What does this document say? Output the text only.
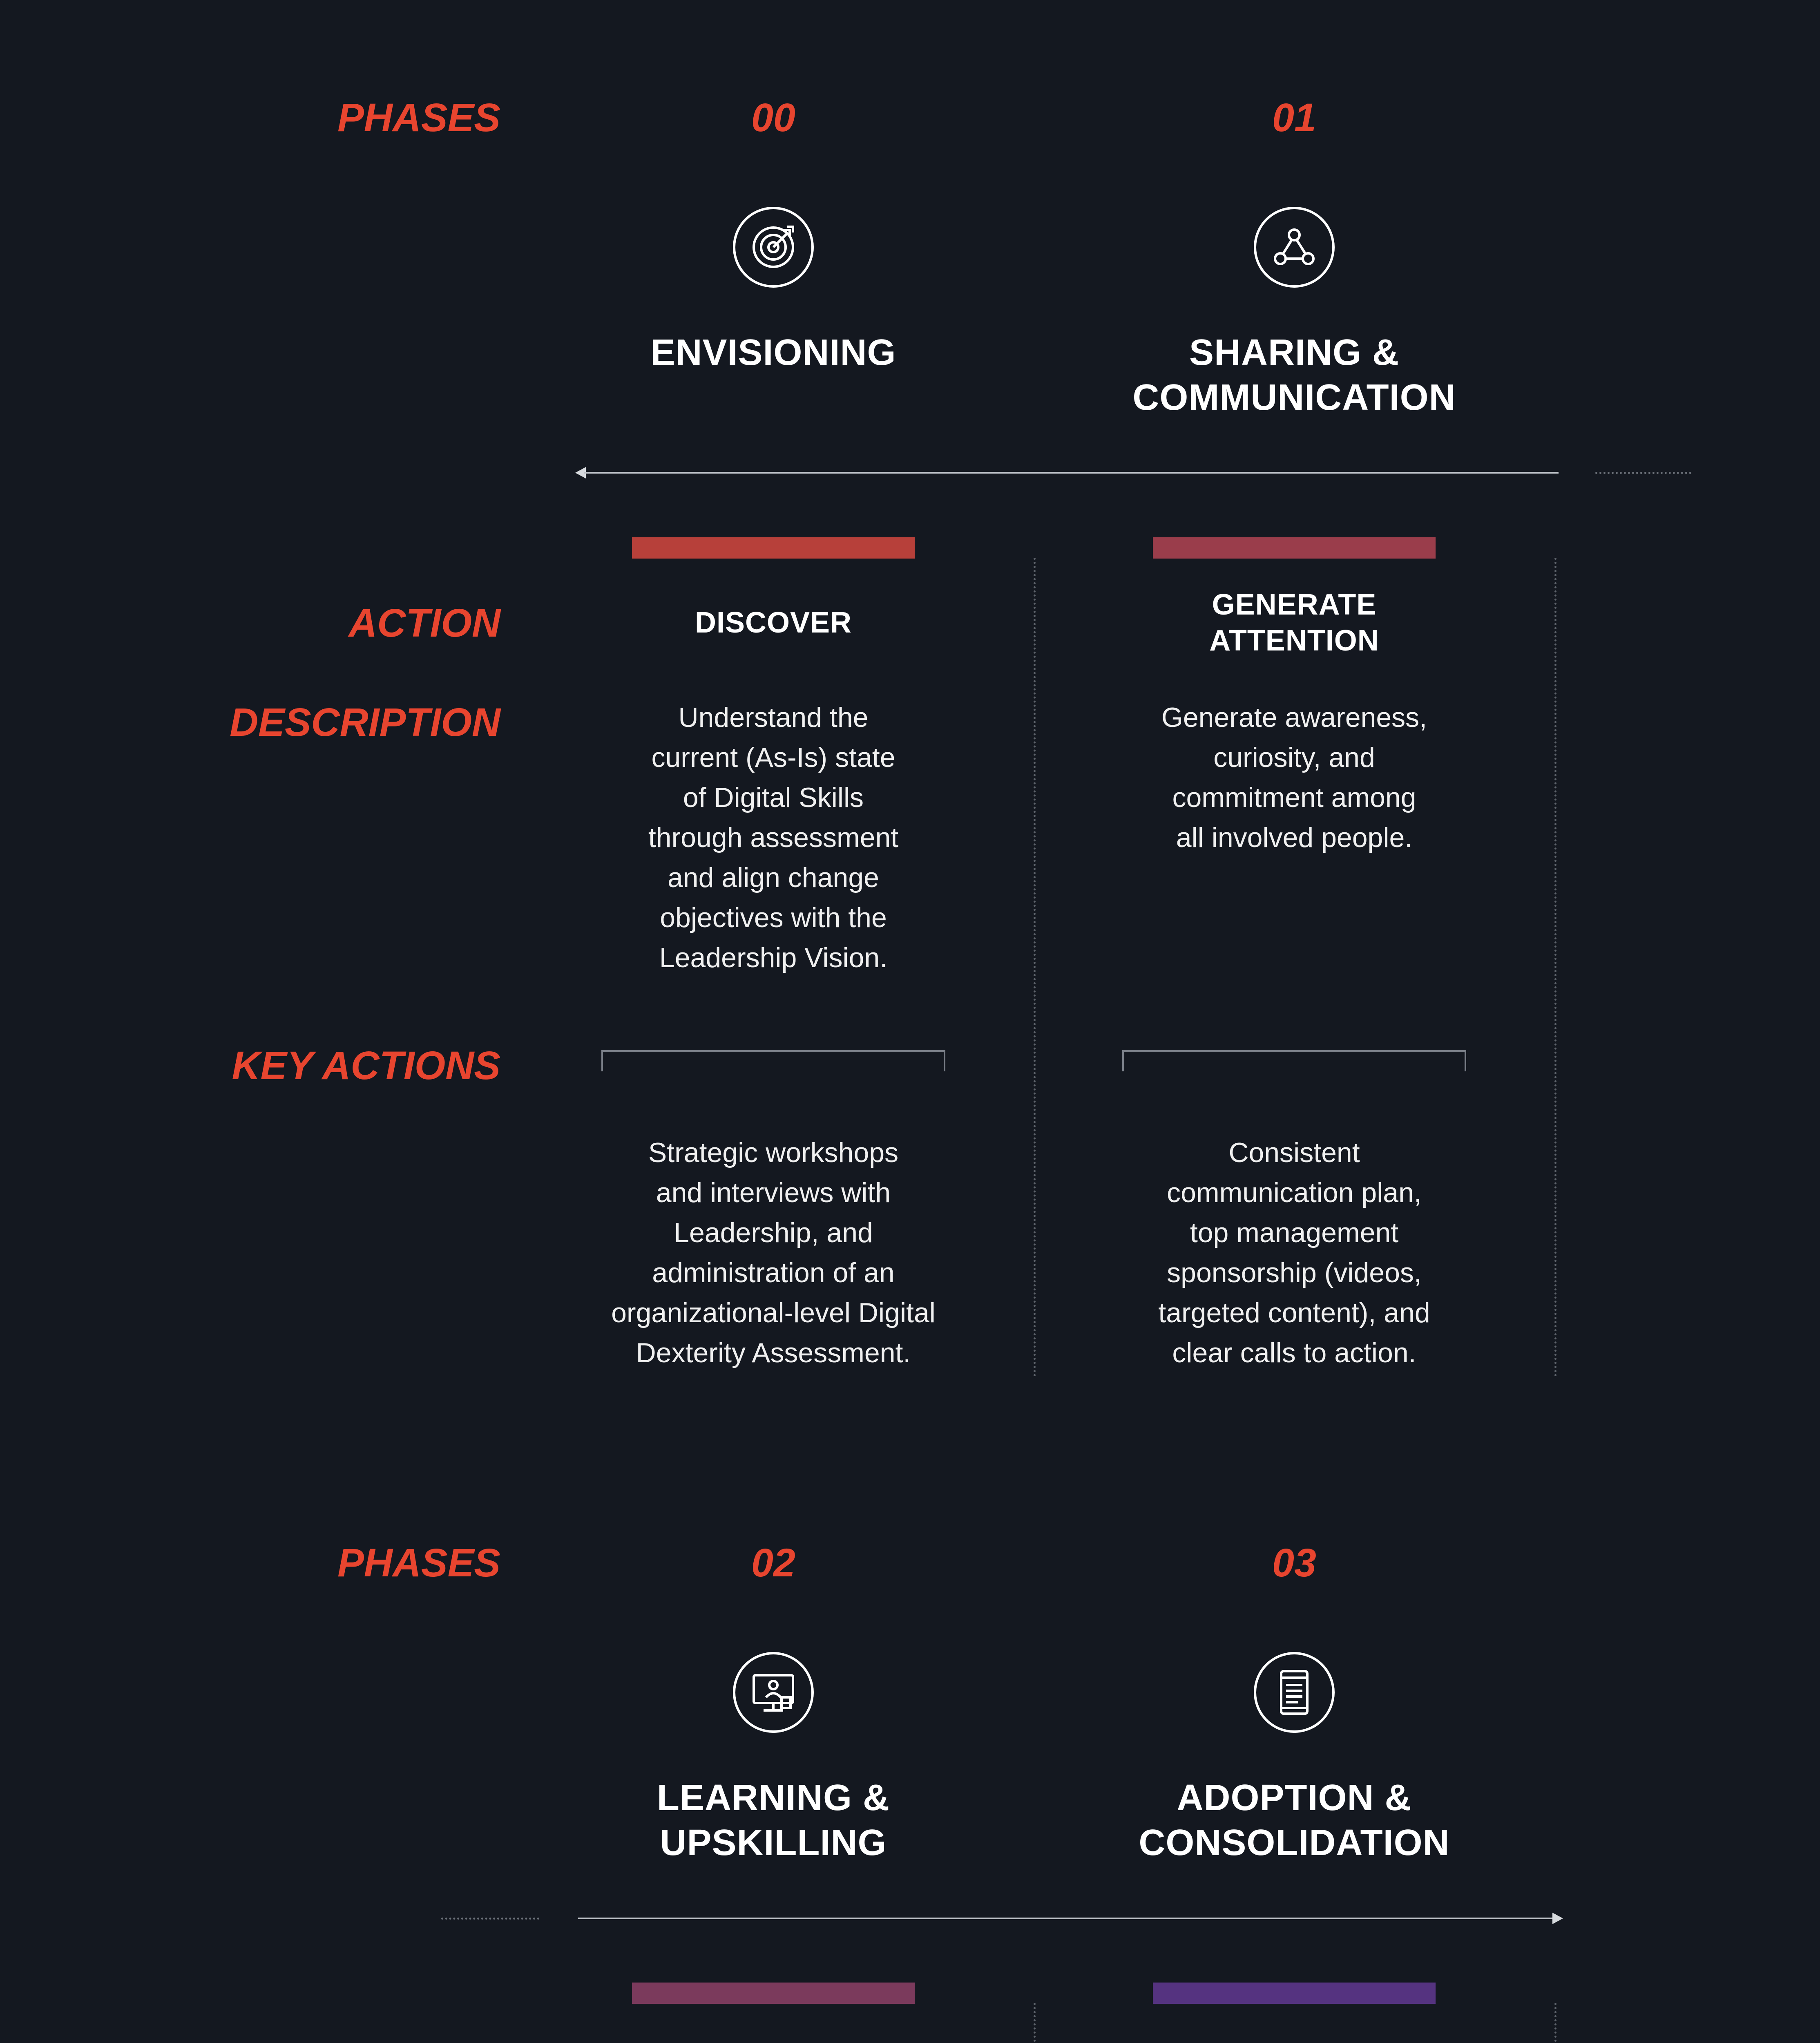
PHASES
ACTION
DESCRIPTION
KEY ACTIONS
00
ENVISIONING
DISCOVER
Understand the
current (As-Is) state
of Digital Skills
through assessment
and align change
objectives with the
Leadership Vision.
Strategic workshops
and interviews with
Leadership, and
administration of an
organizational-level Digital
Dexterity Assessment.
01
SHARING &
COMMUNICATION
GENERATE
ATTENTION
Generate awareness,
curiosity, and
commitment among
all involved people.
Consistent
communication plan,
top management
sponsorship (videos,
targeted content), and
clear calls to action.
PHASES	02
LEARNING &
UPSKILLING
03
ADOPTION &
CONSOLIDATION
